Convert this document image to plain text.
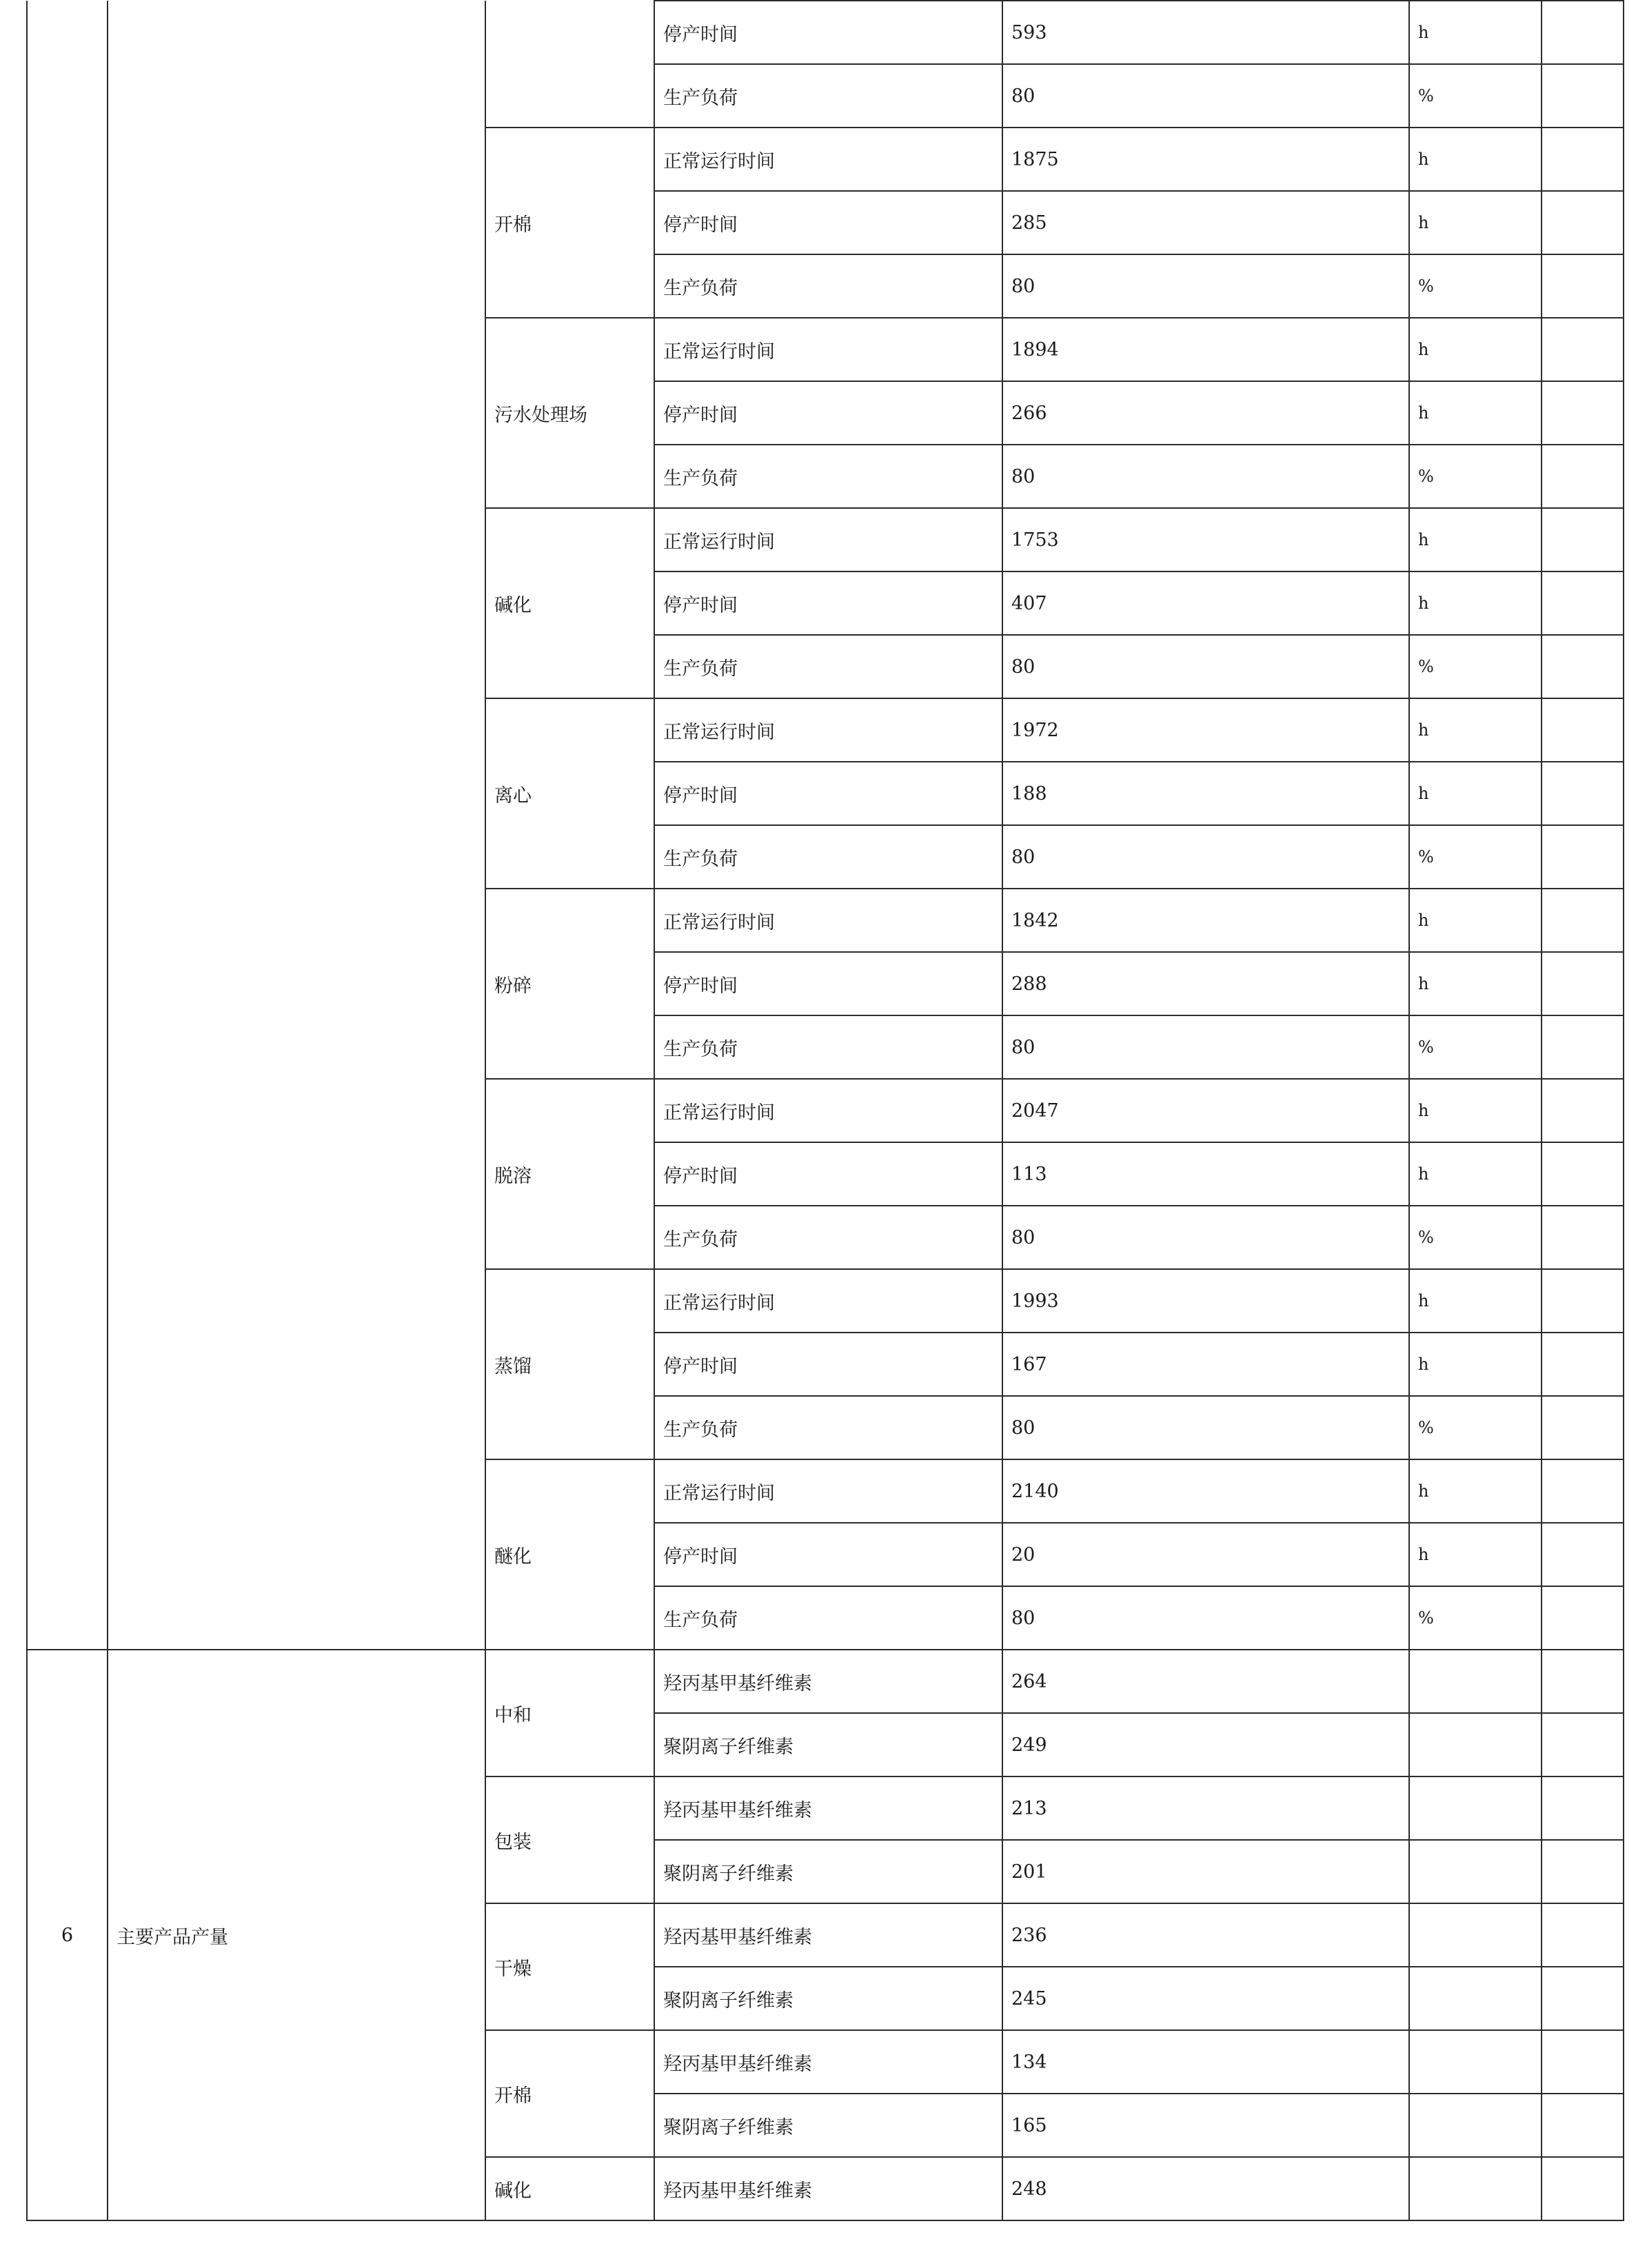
			停产时间	593	h	
			生产负荷	80	%	
		开棉	正常运行时间	1875	h	
			停产时间	285	h	
			生产负荷	80	%	
		污水处理场	正常运行时间	1894	h	
			停产时间	266	h	
			生产负荷	80	%	
		碱化	正常运行时间	1753	h	
			停产时间	407	h	
			生产负荷	80	%	
		离心	正常运行时间	1972	h	
			停产时间	188	h	
			生产负荷	80	%	
		粉碎	正常运行时间	1842	h	
			停产时间	288	h	
			生产负荷	80	%	
		脱溶	正常运行时间	2047	h	
			停产时间	113	h	
			生产负荷	80	%	
		蒸馏	正常运行时间	1993	h	
			停产时间	167	h	
			生产负荷	80	%	
		醚化	正常运行时间	2140	h	
			停产时间	20	h	
			生产负荷	80	%	
6	主要产品产量	中和	羟丙基甲基纤维素	264		
			聚阴离子纤维素	249		
		包装	羟丙基甲基纤维素	213		
			聚阴离子纤维素	201		
		干燥	羟丙基甲基纤维素	236		
			聚阴离子纤维素	245		
		开棉	羟丙基甲基纤维素	134		
			聚阴离子纤维素	165		
		碱化	羟丙基甲基纤维素	248		
